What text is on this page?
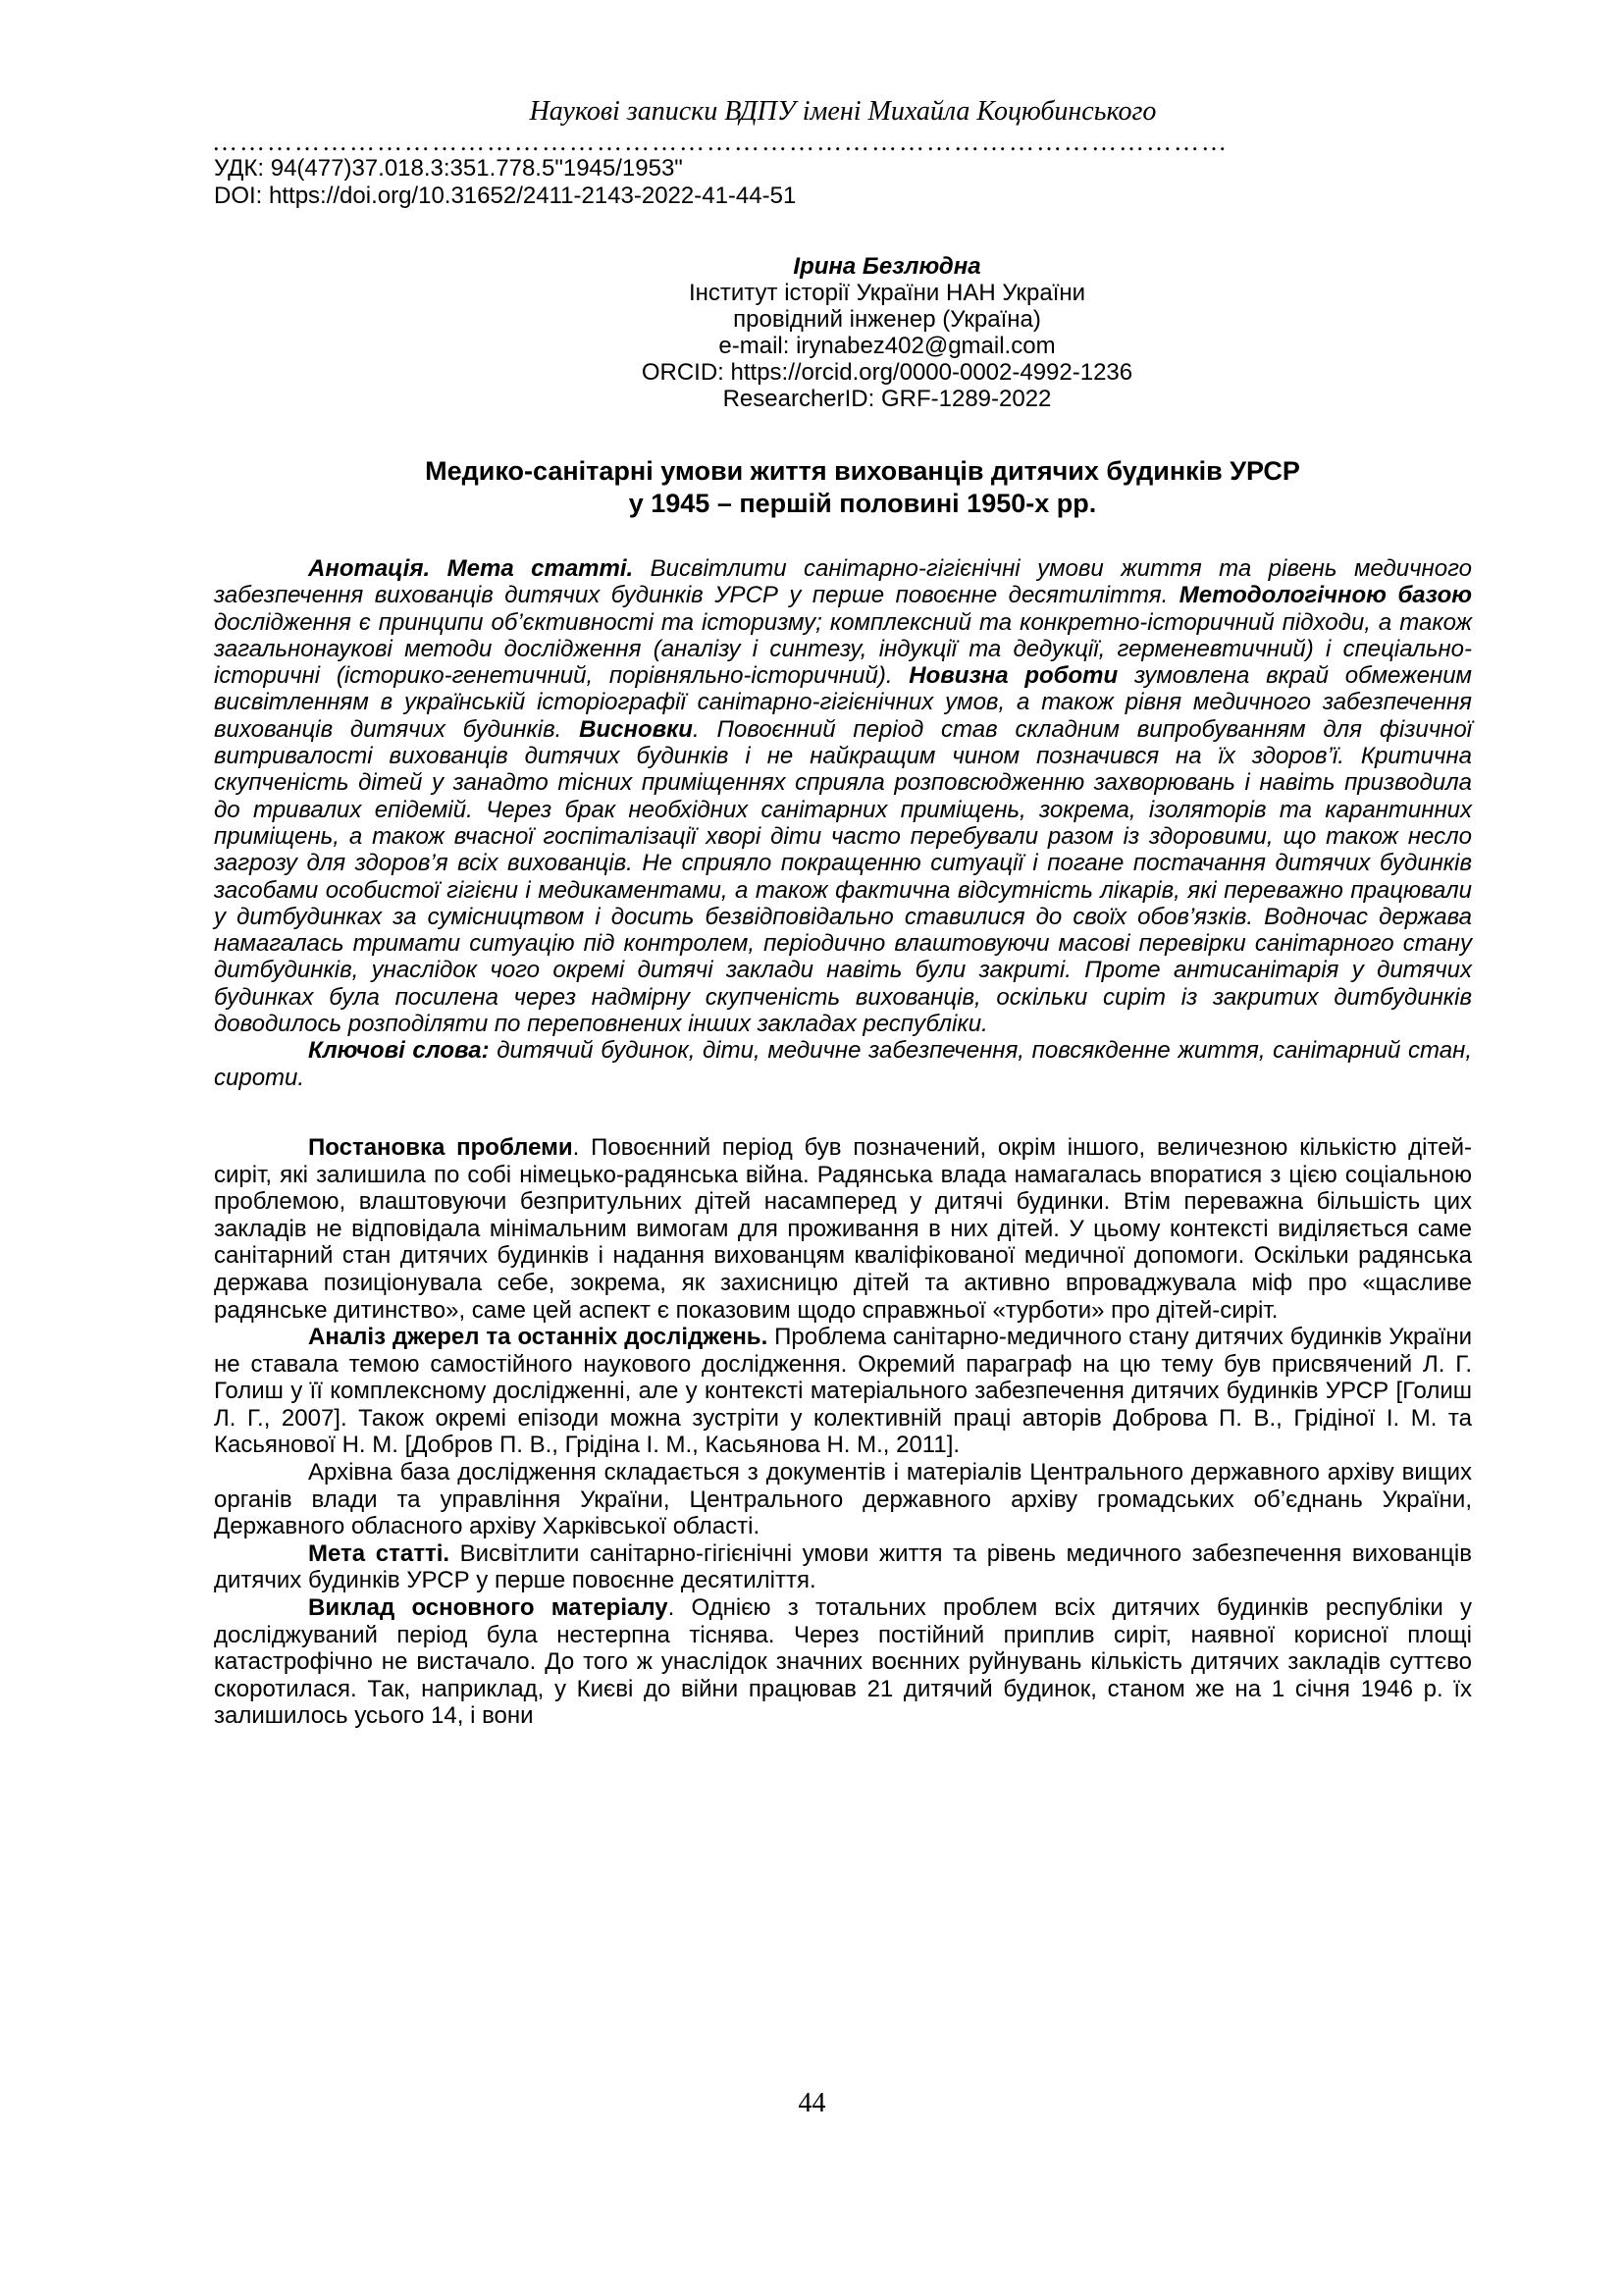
Наукові записки ВДПУ імені Михайла Коцюбинського

…………………………………………………………………………………………………

УДК: 94(477)37.018.3:351.778.5"1945/1953"

DOI: https://doi.org/10.31652/2411-2143-2022-41-44-51

Ірина Безлюдна
Інститут історії України НАН України
провідний інженер (Україна)
e-mail: irynabez402@gmail.com
ORCID: https://orcid.org/0000-0002-4992-1236
ResearcherID: GRF-1289-2022
Медико-санітарні умови життя вихованців дитячих будинків УРСР
у 1945 – першій половині 1950-х рр.

Анотація. Мета статті. Висвітлити санітарно-гігієнічні умови життя та рівень медичного забезпечення вихованців дитячих будинків УРСР у перше повоєнне десятиліття. Методологічною базою дослідження є принципи об’єктивності та історизму; комплексний та конкретно-історичний підходи, а також загальнонаукові методи дослідження (аналізу і синтезу, індукції та дедукції, герменевтичний) і спеціально-історичні (історико-генетичний, порівняльно-історичний). Новизна роботи зумовлена вкрай обмеженим висвітленням в українській історіографії санітарно-гігієнічних умов, а також рівня медичного забезпечення вихованців дитячих будинків. Висновки. Повоєнний період став складним випробуванням для фізичної витривалості вихованців дитячих будинків і не найкращим чином позначився на їх здоров’ї. Критична скупченість дітей у занадто тісних приміщеннях сприяла розповсюдженню захворювань і навіть призводила до тривалих епідемій. Через брак необхідних санітарних приміщень, зокрема, ізоляторів та карантинних приміщень, а також вчасної госпіталізації хворі діти часто перебували разом із здоровими, що також несло загрозу для здоров’я всіх вихованців. Не сприяло покращенню ситуації і погане постачання дитячих будинків засобами особистої гігієни і медикаментами, а також фактична відсутність лікарів, які переважно працювали у дитбудинках за сумісництвом і досить безвідповідально ставилися до своїх обов’язків. Водночас держава намагалась тримати ситуацію під контролем, періодично влаштовуючи масові перевірки санітарного стану дитбудинків, унаслідок чого окремі дитячі заклади навіть були закриті. Проте антисанітарія у дитячих будинках була посилена через надмірну скупченість вихованців, оскільки сиріт із закритих дитбудинків доводилось розподіляти по переповнених інших закладах республіки.

Ключові слова: дитячий будинок, діти, медичне забезпечення, повсякденне життя, санітарний стан, сироти.

Постановка проблеми. Повоєнний період був позначений, окрім іншого, величезною кількістю дітей-сиріт, які залишила по собі німецько-радянська війна. Радянська влада намагалась впоратися з цією соціальною проблемою, влаштовуючи безпритульних дітей насамперед у дитячі будинки. Втім переважна більшість цих закладів не відповідала мінімальним вимогам для проживання в них дітей. У цьому контексті виділяється саме санітарний стан дитячих будинків і надання вихованцям кваліфікованої медичної допомоги. Оскільки радянська держава позиціонувала себе, зокрема, як захисницю дітей та активно впроваджувала міф про «щасливе радянське дитинство», саме цей аспект є показовим щодо справжньої «турботи» про дітей-сиріт.

Аналіз джерел та останніх досліджень. Проблема санітарно-медичного стану дитячих будинків України не ставала темою самостійного наукового дослідження. Окремий параграф на цю тему був присвячений Л. Г. Голиш у її комплексному дослідженні, але у контексті матеріального забезпечення дитячих будинків УРСР [Голиш Л. Г., 2007]. Також окремі епізоди можна зустріти у колективній праці авторів Доброва П. В., Грідіної І. М. та Касьянової Н. М. [Добров П. В., Грідіна І. М., Касьянова Н. М., 2011].

Архівна база дослідження складається з документів і матеріалів Центрального державного архіву вищих органів влади та управління України, Центрального державного архіву громадських об’єднань України, Державного обласного архіву Харківської області.

Мета статті. Висвітлити санітарно-гігієнічні умови життя та рівень медичного забезпечення вихованців дитячих будинків УРСР у перше повоєнне десятиліття.

Виклад основного матеріалу. Однією з тотальних проблем всіх дитячих будинків республіки у досліджуваний період була нестерпна тіснява. Через постійний приплив сиріт, наявної корисної площі катастрофічно не вистачало. До того ж унаслідок значних воєнних руйнувань кількість дитячих закладів суттєво скоротилася. Так, наприклад, у Києві до війни працював 21 дитячий будинок, станом же на 1 січня 1946 р. їх залишилось усього 14, і вони

44
